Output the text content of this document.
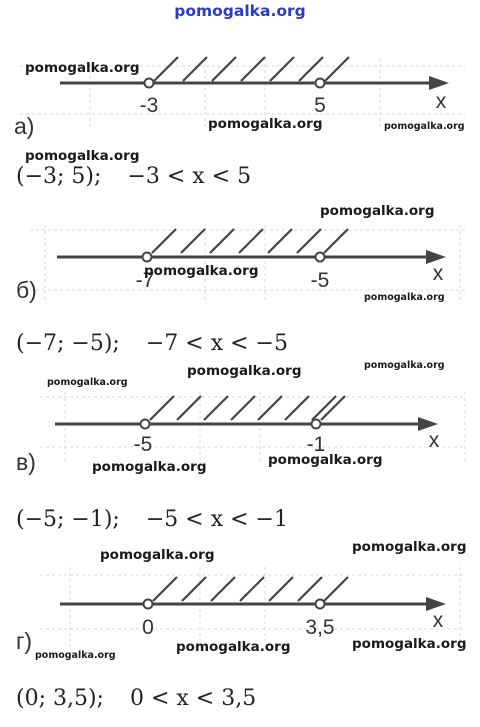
pomogalka.org
-3	5	x
а)
(−3; 5); −3 < x < 5
-7	-5	x
б)
(−7; −5); −7 < x < −5
-5	-1	x
в)
(−5; −1); −5 < x < −1
0	3,5	x
г)
(0; 3,5); 0 < x < 3,5
pomogalka.org
pomogalka.org	pomogalka.org
pomogalka.org
pomogalka.org
pomogalka.org
pomogalka.org
pomogalka.org
pomogalka.org
pomogalka.org
pomogalka.org
pomogalka.org
pomogalka.org
pomogalka.org
pomogalka.org
pomogalka.org
pomogalka.org
